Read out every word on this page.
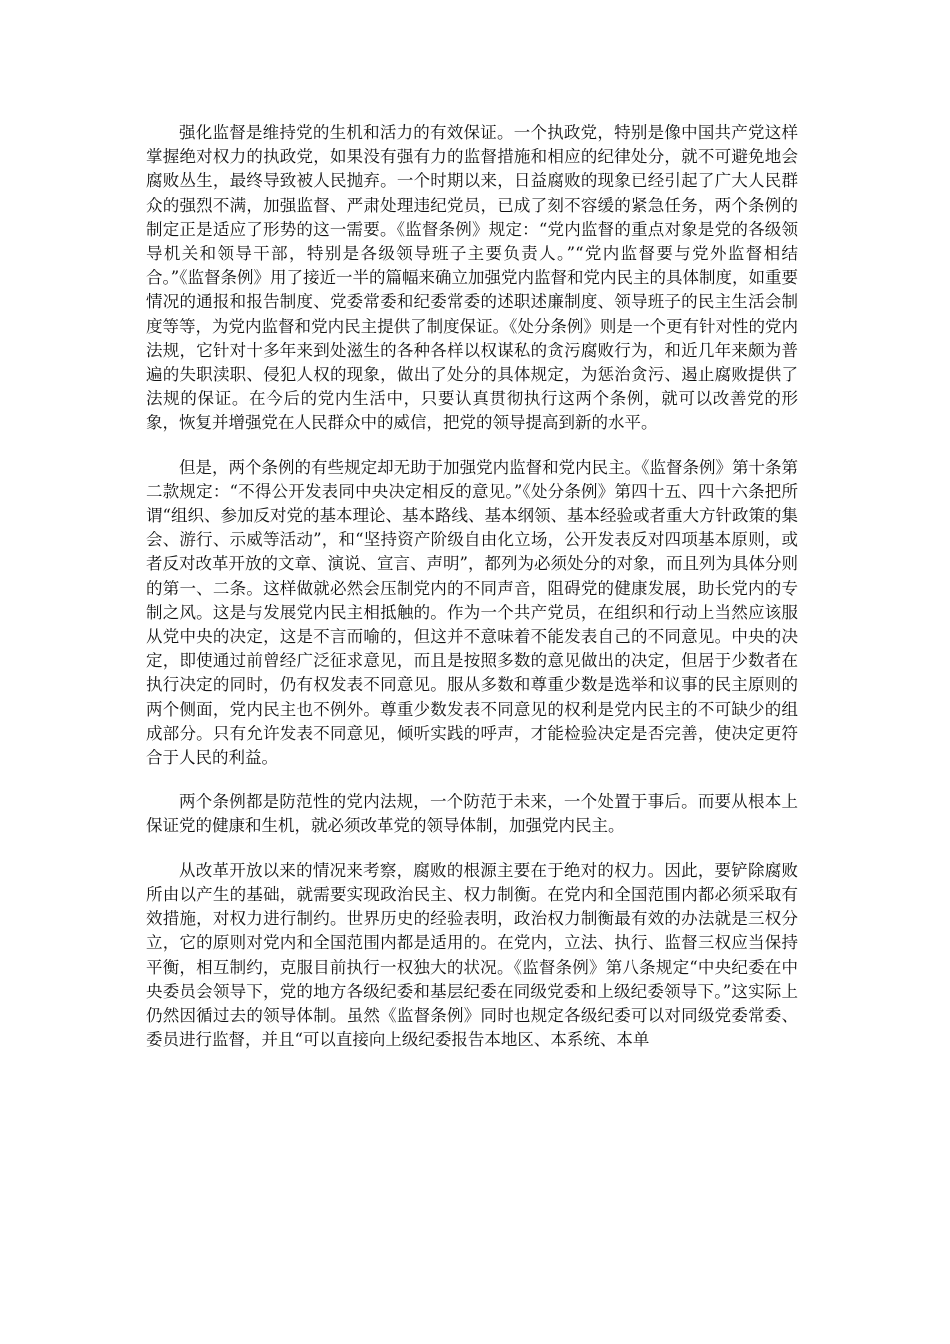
强化监督是维持党的生机和活力的有效保证。一个执政党，特别是像中国共产党这样掌握绝对权力的执政党，如果没有强有力的监督措施和相应的纪律处分，就不可避免地会腐败丛生，最终导致被人民抛弃。一个时期以来，日益腐败的现象已经引起了广大人民群众的强烈不满，加强监督、严肃处理违纪党员，已成了刻不容缓的紧急任务，两个条例的制定正是适应了形势的这一需要。《监督条例》规定：“党内监督的重点对象是党的各级领导机关和领导干部，特别是各级领导班子主要负责人。”“党内监督要与党外监督相结合。”《监督条例》用了接近一半的篇幅来确立加强党内监督和党内民主的具体制度，如重要情况的通报和报告制度、党委常委和纪委常委的述职述廉制度、领导班子的民主生活会制度等等，为党内监督和党内民主提供了制度保证。《处分条例》则是一个更有针对性的党内法规，它针对十多年来到处滋生的各种各样以权谋私的贪污腐败行为，和近几年来颇为普遍的失职渎职、侵犯人权的现象，做出了处分的具体规定，为惩治贪污、遏止腐败提供了法规的保证。在今后的党内生活中，只要认真贯彻执行这两个条例，就可以改善党的形象，恢复并增强党在人民群众中的威信，把党的领导提高到新的水平。

但是，两个条例的有些规定却无助于加强党内监督和党内民主。《监督条例》第十条第二款规定：“不得公开发表同中央决定相反的意见。”《处分条例》第四十五、四十六条把所谓“组织、参加反对党的基本理论、基本路线、基本纲领、基本经验或者重大方针政策的集会、游行、示威等活动”，和“坚持资产阶级自由化立场，公开发表反对四项基本原则，或者反对改革开放的文章、演说、宣言、声明”，都列为必须处分的对象，而且列为具体分则的第一、二条。这样做就必然会压制党内的不同声音，阻碍党的健康发展，助长党内的专制之风。这是与发展党内民主相抵触的。作为一个共产党员，在组织和行动上当然应该服从党中央的决定，这是不言而喻的，但这并不意味着不能发表自己的不同意见。中央的决定，即使通过前曾经广泛征求意见，而且是按照多数的意见做出的决定，但居于少数者在执行决定的同时，仍有权发表不同意见。服从多数和尊重少数是选举和议事的民主原则的两个侧面，党内民主也不例外。尊重少数发表不同意见的权利是党内民主的不可缺少的组成部分。只有允许发表不同意见，倾听实践的呼声，才能检验决定是否完善，使决定更符合于人民的利益。

两个条例都是防范性的党内法规，一个防范于未来，一个处置于事后。而要从根本上保证党的健康和生机，就必须改革党的领导体制，加强党内民主。

从改革开放以来的情况来考察，腐败的根源主要在于绝对的权力。因此，要铲除腐败所由以产生的基础，就需要实现政治民主、权力制衡。在党内和全国范围内都必须采取有效措施，对权力进行制约。世界历史的经验表明，政治权力制衡最有效的办法就是三权分立，它的原则对党内和全国范围内都是适用的。在党内，立法、执行、监督三权应当保持平衡，相互制约，克服目前执行一权独大的状况。《监督条例》第八条规定“中央纪委在中央委员会领导下，党的地方各级纪委和基层纪委在同级党委和上级纪委领导下。”这实际上仍然因循过去的领导体制。虽然《监督条例》同时也规定各级纪委可以对同级党委常委、委员进行监督，并且“可以直接向上级纪委报告本地区、本系统、本单
